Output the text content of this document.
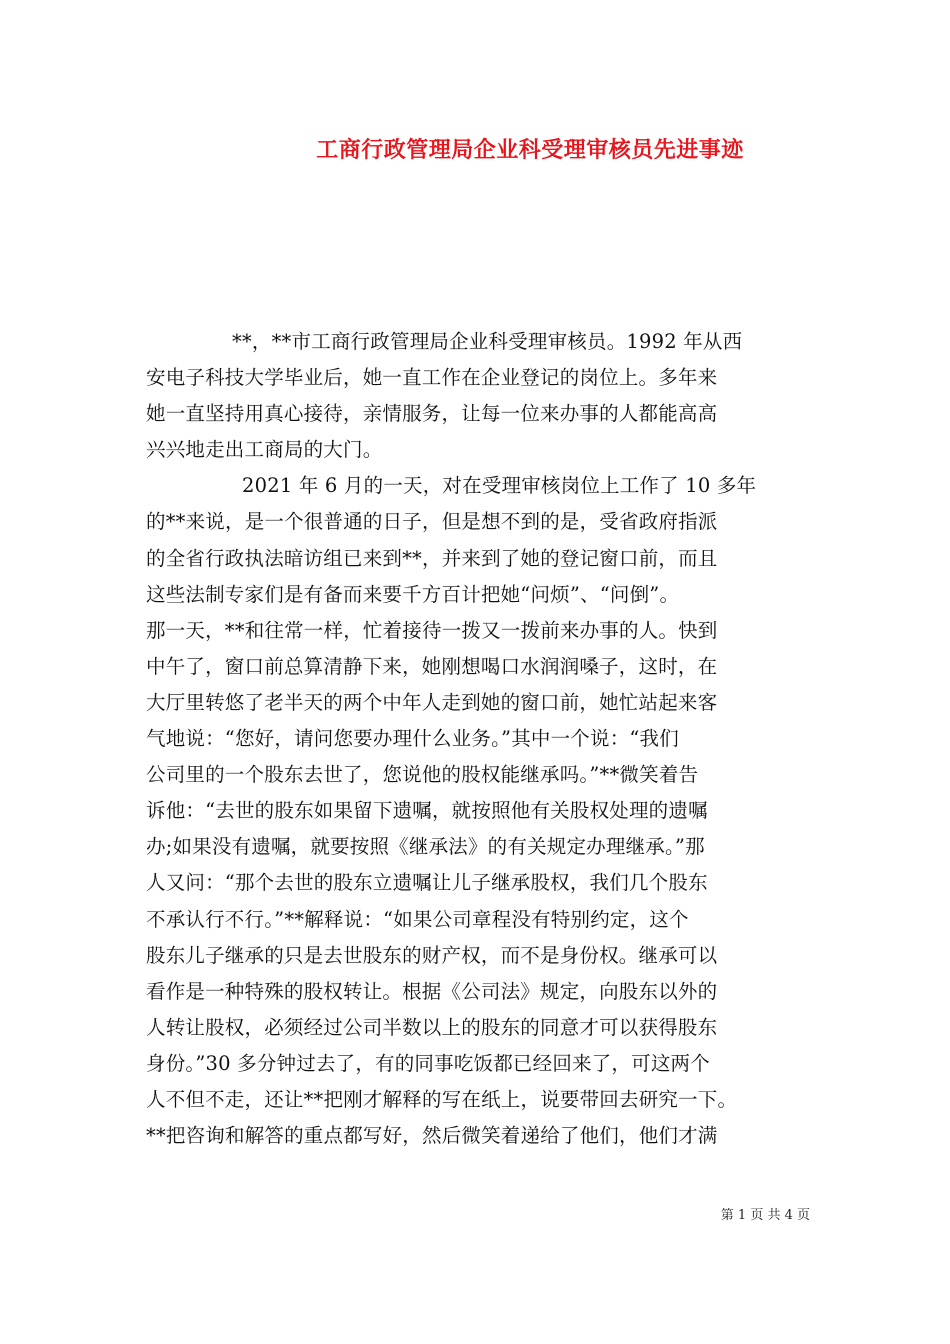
工商行政管理局企业科受理审核员先进事迹
**，**市工商行政管理局企业科受理审核员。1992 年从西
安电子科技大学毕业后，她一直工作在企业登记的岗位上。多年来
她一直坚持用真心接待，亲情服务，让每一位来办事的人都能高高
兴兴地走出工商局的大门。
2021 年 6 月的一天，对在受理审核岗位上工作了 10 多年
的**来说，是一个很普通的日子，但是想不到的是，受省政府指派
的全省行政执法暗访组已来到**，并来到了她的登记窗口前，而且
这些法制专家们是有备而来要千方百计把她“问烦”、“问倒”。
那一天，**和往常一样，忙着接待一拨又一拨前来办事的人。快到
中午了，窗口前总算清静下来，她刚想喝口水润润嗓子，这时，在
大厅里转悠了老半天的两个中年人走到她的窗口前，她忙站起来客
气地说：“您好，请问您要办理什么业务。”其中一个说：“我们
公司里的一个股东去世了，您说他的股权能继承吗。”**微笑着告
诉他：“去世的股东如果留下遗嘱，就按照他有关股权处理的遗嘱
办;如果没有遗嘱，就要按照《继承法》的有关规定办理继承。”那
人又问：“那个去世的股东立遗嘱让儿子继承股权，我们几个股东
不承认行不行。”**解释说：“如果公司章程没有特别约定，这个
股东儿子继承的只是去世股东的财产权，而不是身份权。继承可以
看作是一种特殊的股权转让。根据《公司法》规定，向股东以外的
人转让股权，必须经过公司半数以上的股东的同意才可以获得股东
身份。”30 多分钟过去了，有的同事吃饭都已经回来了，可这两个
人不但不走，还让**把刚才解释的写在纸上，说要带回去研究一下。
**把咨询和解答的重点都写好，然后微笑着递给了他们，他们才满
第 1 页 共 4 页
